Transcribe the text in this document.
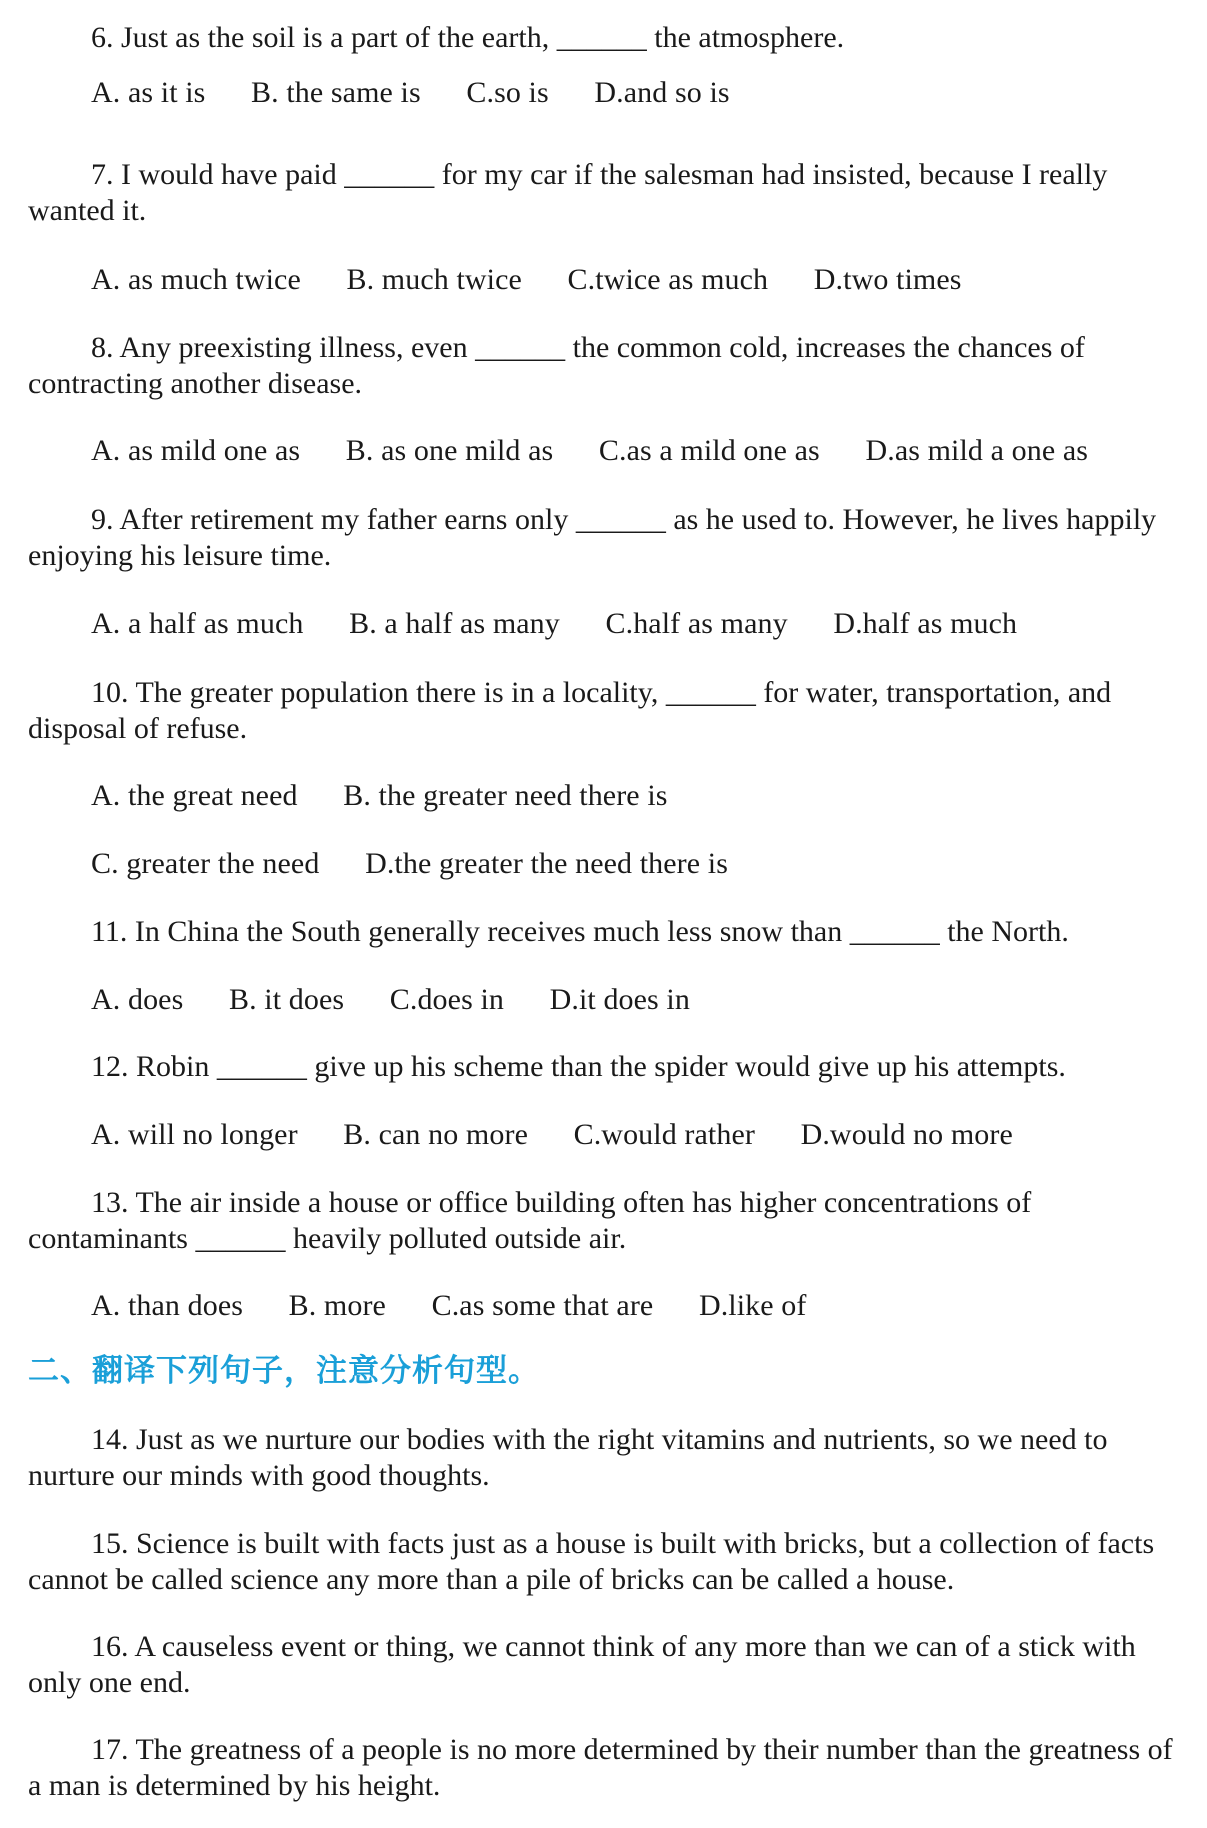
6. Just as the soil is a part of the earth, ______ the atmosphere.
A. as it is B. the same is C.so is D.and so is
7. I would have paid ______ for my car if the salesman had insisted, because I really wanted it.
A. as much twice B. much twice C.twice as much D.two times
8. Any preexisting illness, even ______ the common cold, increases the chances of contracting another disease.
A. as mild one as B. as one mild as C.as a mild one as D.as mild a one as
9. After retirement my father earns only ______ as he used to. However, he lives happily enjoying his leisure time.
A. a half as much B. a half as many C.half as many D.half as much
10. The greater population there is in a locality, ______ for water, transportation, and disposal of refuse.
A. the great need B. the greater need there is
C. greater the need D.the greater the need there is
11. In China the South generally receives much less snow than ______ the North.
A. does B. it does C.does in D.it does in
12. Robin ______ give up his scheme than the spider would give up his attempts.
A. will no longer B. can no more C.would rather D.would no more
13. The air inside a house or office building often has higher concentrations of contaminants ______ heavily polluted outside air.
A. than does B. more C.as some that are D.like of
二、翻译下列句子，注意分析句型。
14. Just as we nurture our bodies with the right vitamins and nutrients, so we need to nurture our minds with good thoughts.
15. Science is built with facts just as a house is built with bricks, but a collection of facts cannot be called science any more than a pile of bricks can be called a house.
16. A causeless event or thing, we cannot think of any more than we can of a stick with only one end.
17. The greatness of a people is no more determined by their number than the greatness of a man is determined by his height.
